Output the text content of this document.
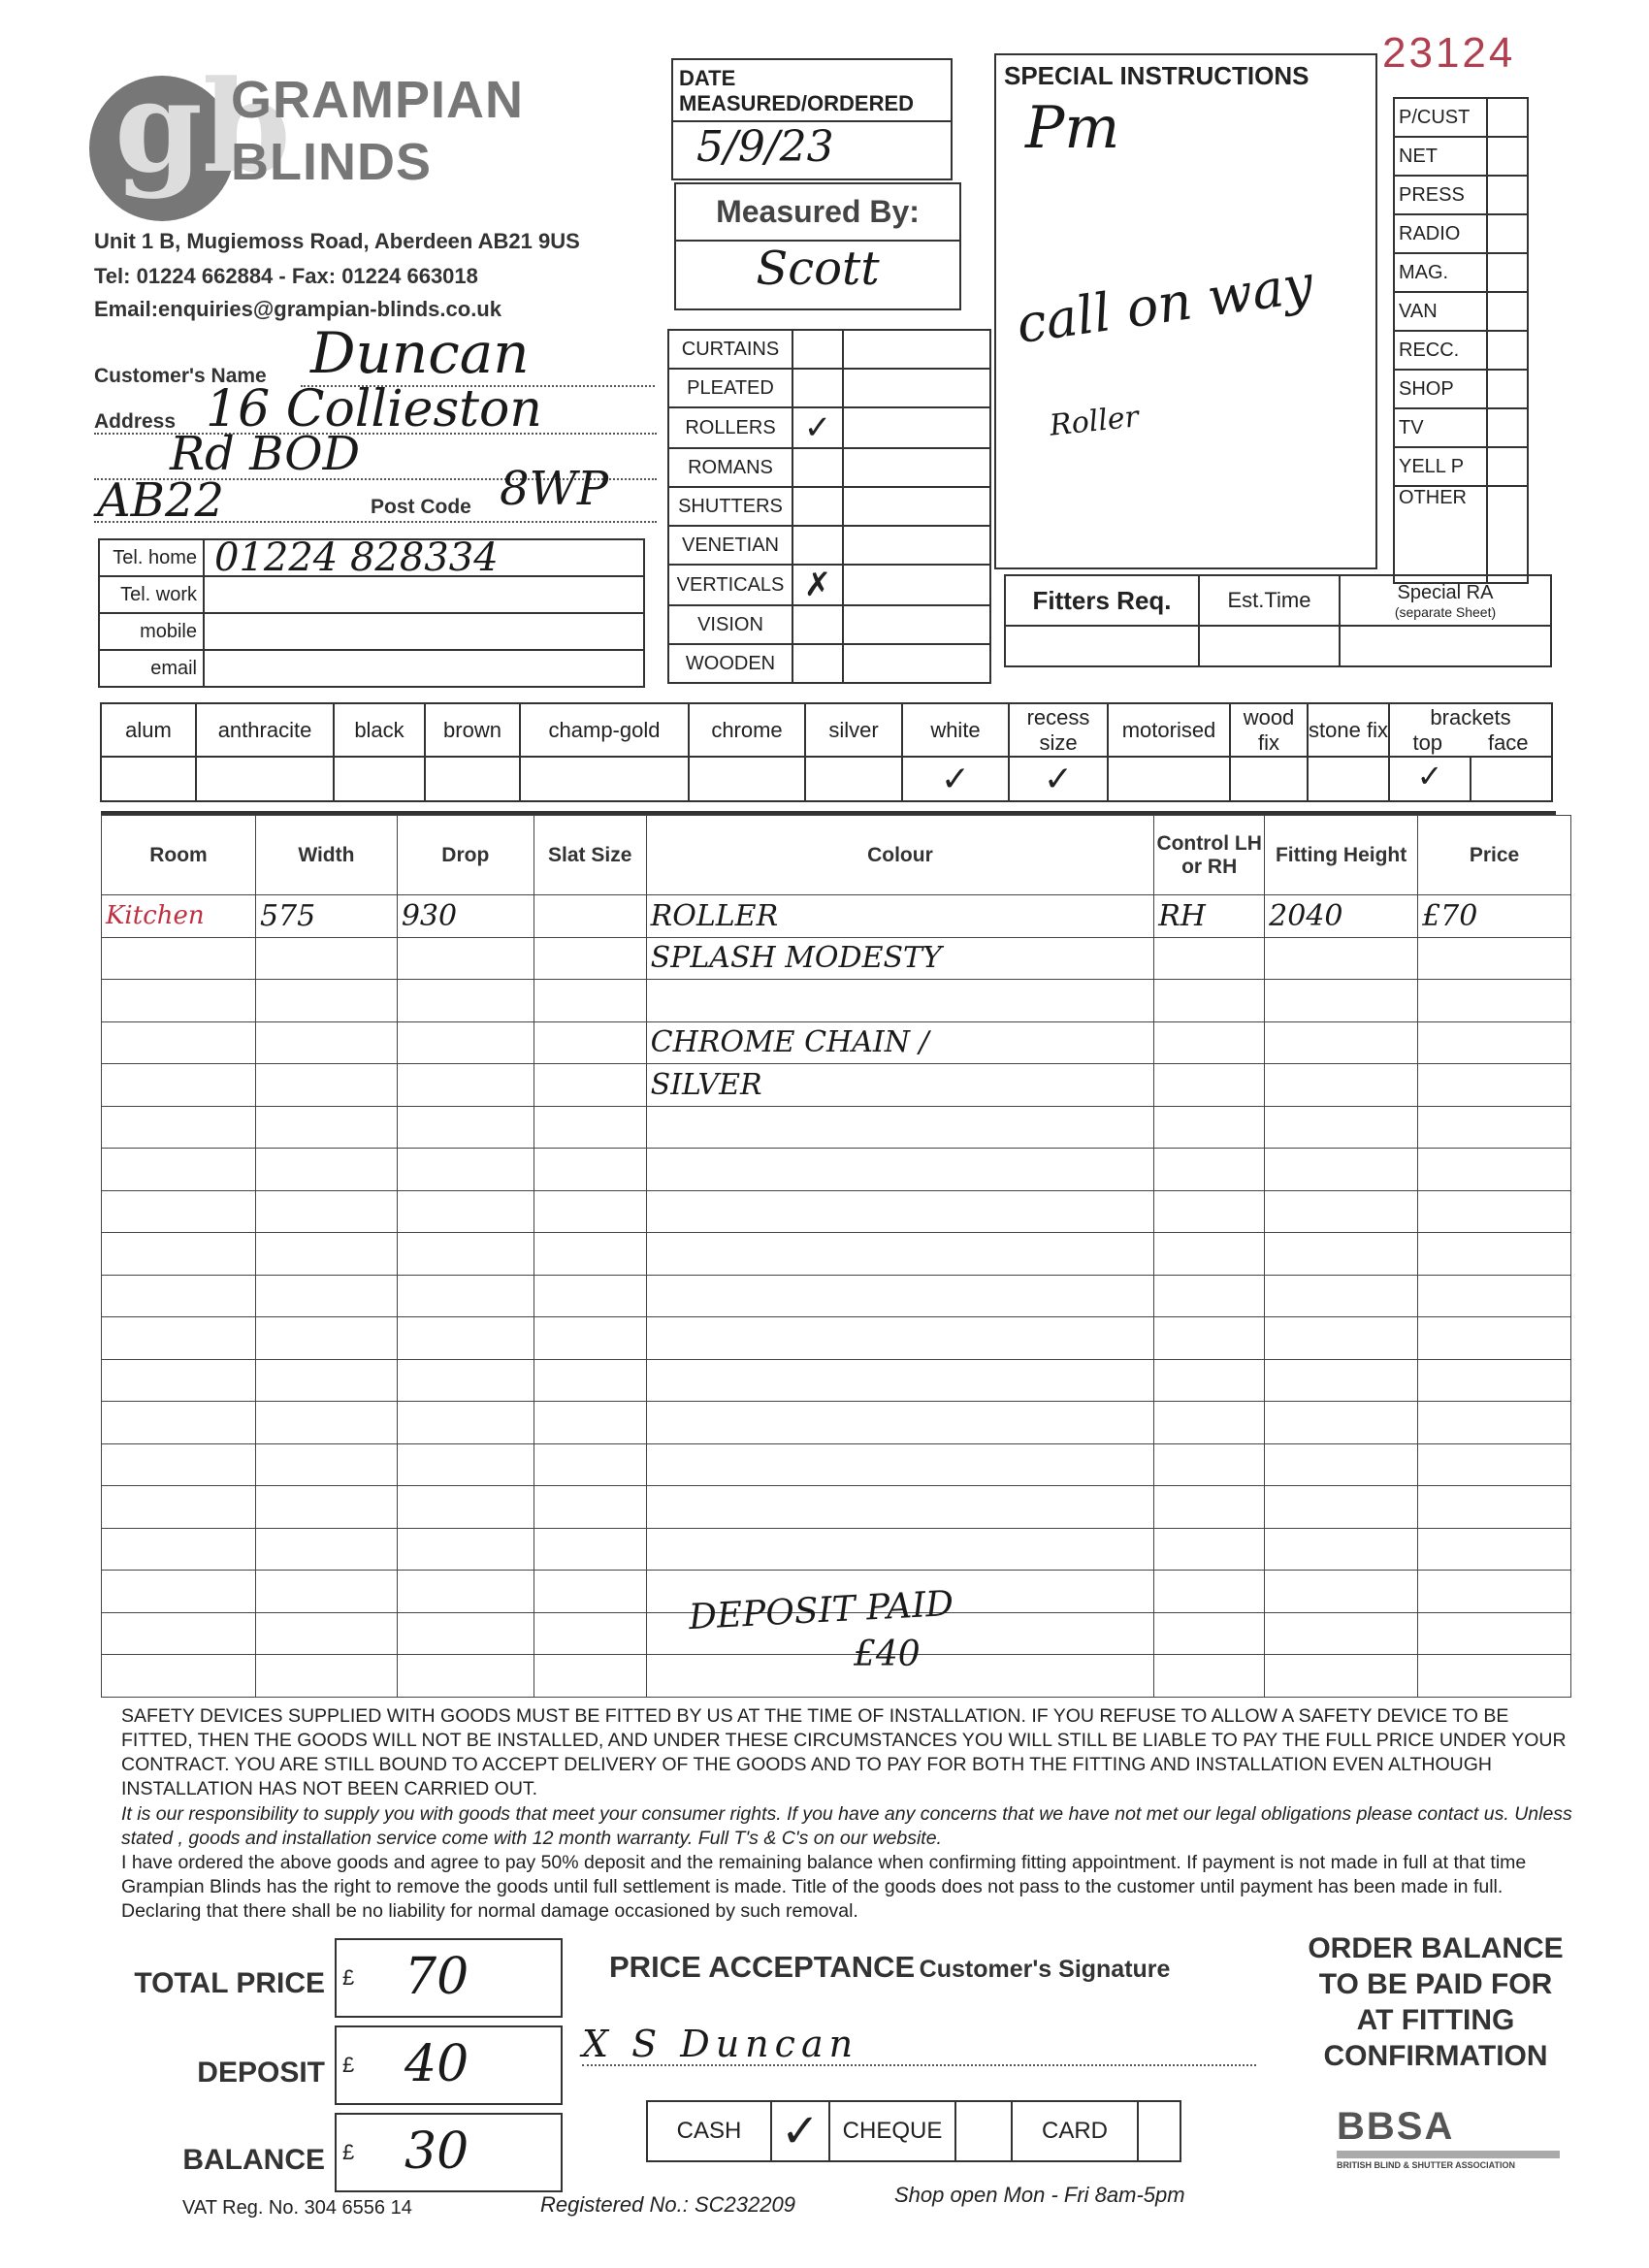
gb
GRAMPIAN
BLINDS
Unit 1 B, Mugiemoss Road, Aberdeen AB21 9US
Tel: 01224 662884 - Fax: 01224 663018
Email:enquiries@grampian-blinds.co.uk
DATE
MEASURED/ORDERED
5/9/23
Measured By:
Scott
SPECIAL INSTRUCTIONS
Pm
call on way
Roller
23124
P/CUST	
NET	
PRESS	
RADIO	
MAG.	
VAN	
RECC.	
SHOP	
TV	
YELL P	
OTHER	
CURTAINS		
PLEATED		
ROLLERS	✓	
ROMANS		
SHUTTERS		
VENETIAN		
VERTICALS	✗	
VISION		
WOODEN		
Customer's Name Duncan
Address 16 Collieston
Rd BOD
AB22	Post Code 8WP
Tel. home	01224 828334
Tel. work	
mobile	
email	
Fitters Req.	Est.Time	Special RA
(separate Sheet)

alum	anthracite	black	brown	champ-gold	chrome	silver	white	recess size	motorised	wood fix	stone fix	brackets
top face

							✓	✓				✓
Room	Width	Drop	Slat Size	Colour	Control LH or RH	Fitting Height	Price
Kitchen	575	930		ROLLER	RH	2040	£70
				SPLASH MODESTY			

				CHROME CHAIN /			
				SILVER			

DEPOSIT PAID
£40
SAFETY DEVICES SUPPLIED WITH GOODS MUST BE FITTED BY US AT THE TIME OF INSTALLATION. IF YOU REFUSE TO ALLOW A SAFETY DEVICE TO BE FITTED, THEN THE GOODS WILL NOT BE INSTALLED, AND UNDER THESE CIRCUMSTANCES YOU WILL STILL BE LIABLE TO PAY THE FULL PRICE UNDER YOUR CONTRACT. YOU ARE STILL BOUND TO ACCEPT DELIVERY OF THE GOODS AND TO PAY FOR BOTH THE FITTING AND INSTALLATION EVEN ALTHOUGH INSTALLATION HAS NOT BEEN CARRIED OUT.
It is our responsibility to supply you with goods that meet your consumer rights. If you have any concerns that we have not met our legal obligations please contact us. Unless stated , goods and installation service come with 12 month warranty. Full T's & C's on our website.
I have ordered the above goods and agree to pay 50% deposit and the remaining balance when confirming fitting appointment. If payment is not made in full at that time Grampian Blinds has the right to remove the goods until full settlement is made. Title of the goods does not pass to the customer until payment has been made in full. Declaring that there shall be no liability for normal damage occasioned by such removal.
TOTAL PRICE £ 70
DEPOSIT £ 40
BALANCE £ 30
PRICE ACCEPTANCE Customer's Signature
X S Duncan
CASH	✓	CHEQUE		CARD	
ORDER BALANCE
TO BE PAID FOR
AT FITTING
CONFIRMATION
BBSA
BRITISH BLIND & SHUTTER ASSOCIATION
VAT Reg. No. 304 6556 14	Registered No.: SC232209	Shop open Mon - Fri 8am-5pm
